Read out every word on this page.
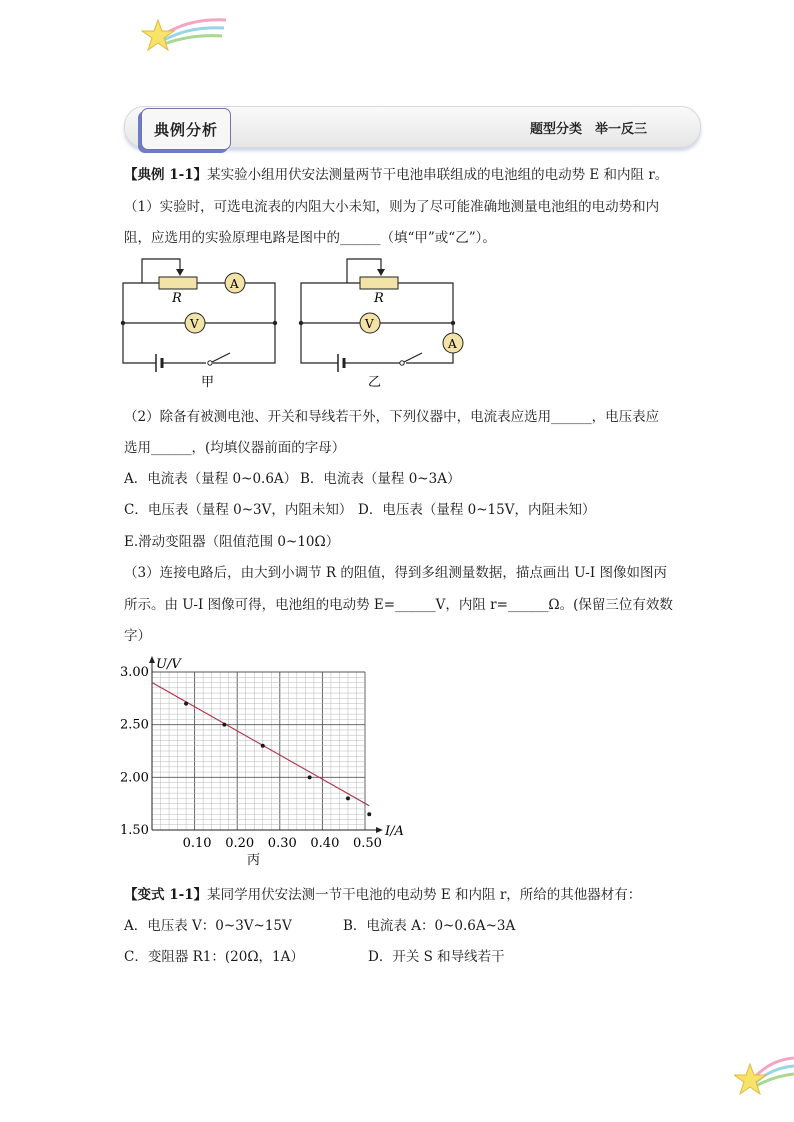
典例分析	题型分类　举一反三
【典例 1-1】某实验小组用伏安法测量两节干电池串联组成的电池组的电动势 E 和内阻 r。
（1）实验时，可选电流表的内阻大小未知，则为了尽可能准确地测量电池组的电动势和内
阻，应选用的实验原理电路是图中的______（填“甲”或“乙”）。
R
A
V
甲
R
V
A
乙
（2）除备有被测电池、开关和导线若干外，下列仪器中，电流表应选用______，电压表应
选用______，(均填仪器前面的字母）
A．电流表（量程 0~0.6A） B．电流表（量程 0~3A）
C．电压表（量程 0~3V，内阻未知） D．电压表（量程 0~15V，内阻未知）
E.滑动变阻器（阻值范围 0~10Ω）
（3）连接电路后，由大到小调节 R 的阻值，得到多组测量数据，描点画出 U-I 图像如图丙
所示。由 U-I 图像可得，电池组的电动势 E=______V，内阻 r=______Ω。(保留三位有效数
字）
0.10 0.20 0.30 0.40 0.50
1.50
2.00
2.50
3.00
U/V
I/A
丙
【变式 1-1】某同学用伏安法测一节干电池的电动势 E 和内阻 r，所给的其他器材有：
A．电压表 V：0~3V~15V	B．电流表 A：0~0.6A~3A
C．变阻器 R1：(20Ω，1A）	D．开关 S 和导线若干
